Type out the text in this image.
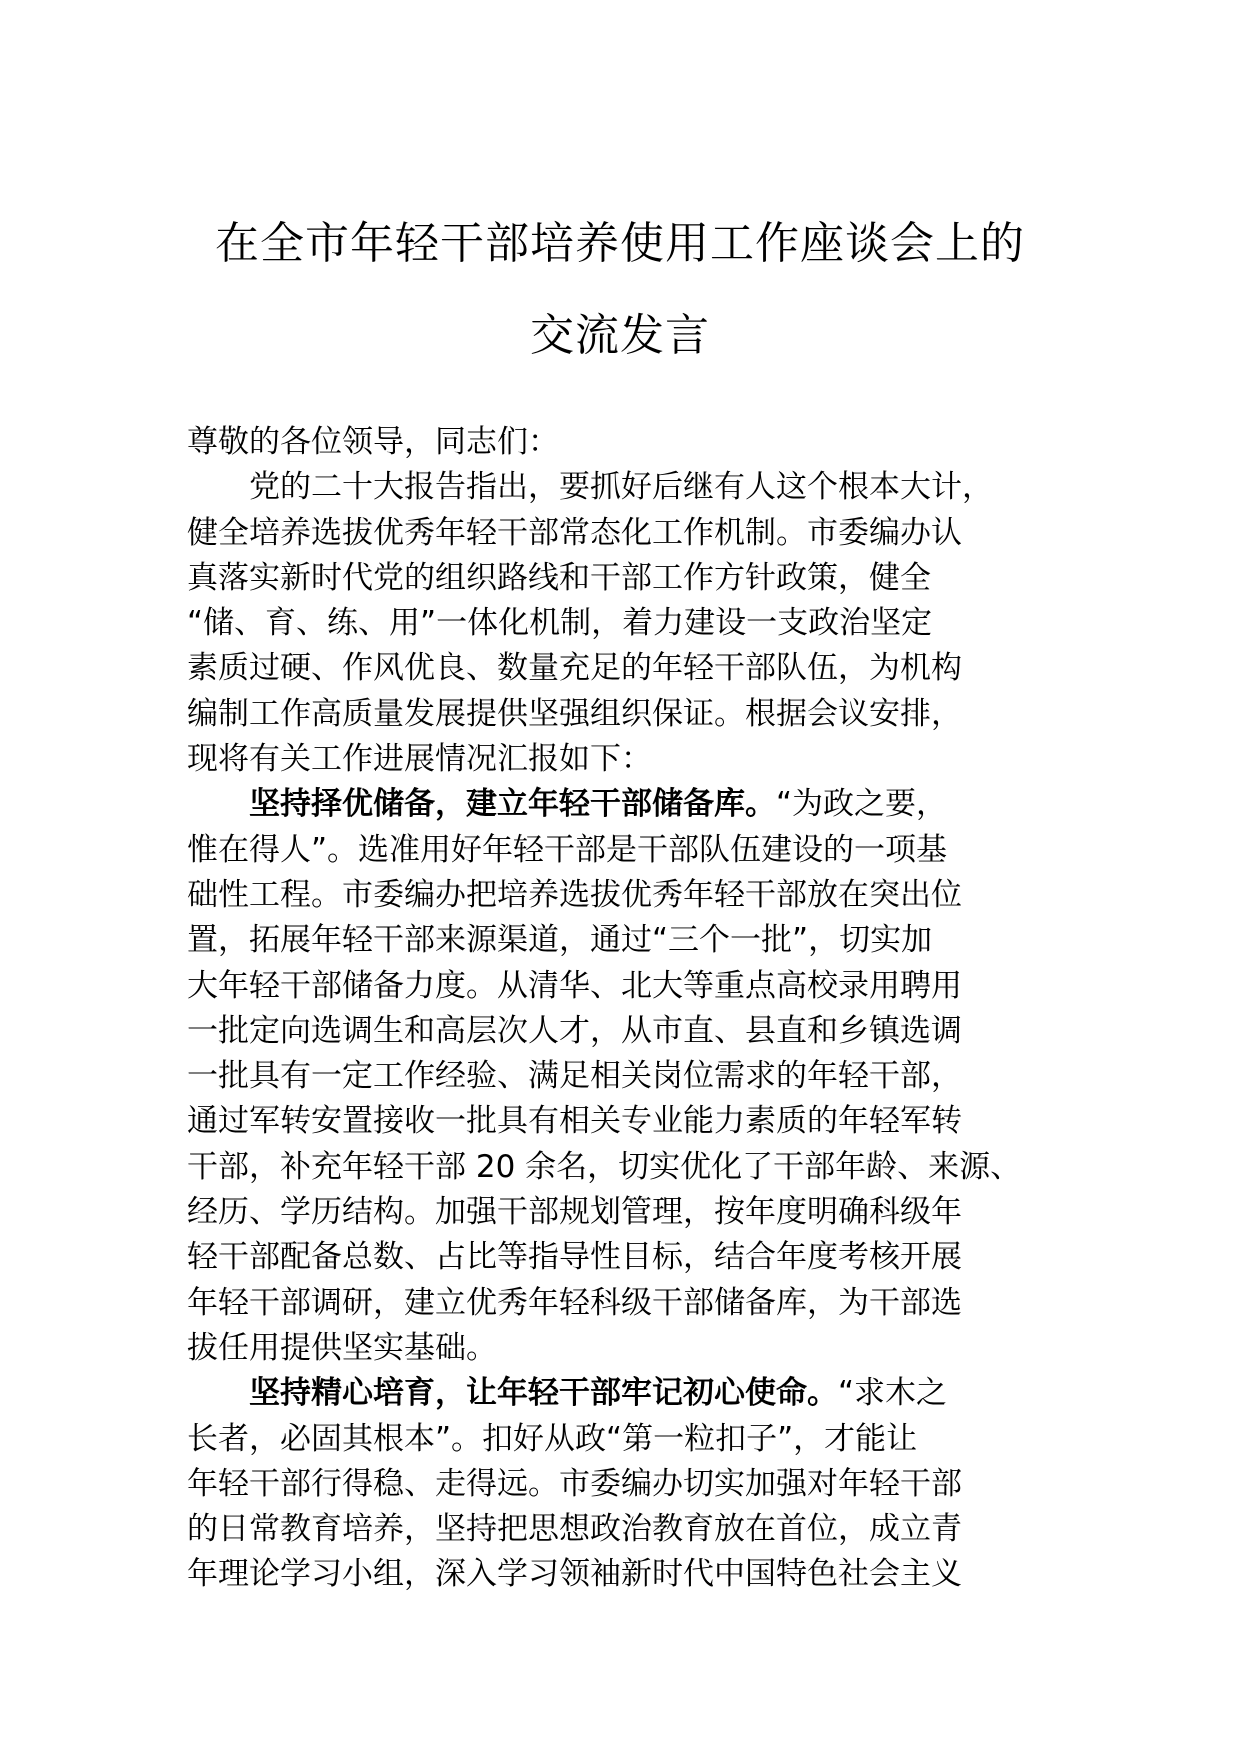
在全市年轻干部培养使用工作座谈会上的
交流发言
尊敬的各位领导，同志们：
党的二十大报告指出，要抓好后继有人这个根本大计，
健全培养选拔优秀年轻干部常态化工作机制。市委编办认
真落实新时代党的组织路线和干部工作方针政策，健全
“储、育、练、用”一体化机制，着力建设一支政治坚定
素质过硬、作风优良、数量充足的年轻干部队伍，为机构
编制工作高质量发展提供坚强组织保证。根据会议安排，
现将有关工作进展情况汇报如下：
坚持择优储备，建立年轻干部储备库。“为政之要，
惟在得人”。选准用好年轻干部是干部队伍建设的一项基
础性工程。市委编办把培养选拔优秀年轻干部放在突出位
置，拓展年轻干部来源渠道，通过“三个一批”，切实加
大年轻干部储备力度。从清华、北大等重点高校录用聘用
一批定向选调生和高层次人才，从市直、县直和乡镇选调
一批具有一定工作经验、满足相关岗位需求的年轻干部，
通过军转安置接收一批具有相关专业能力素质的年轻军转
干部，补充年轻干部 20 余名，切实优化了干部年龄、来源、
经历、学历结构。加强干部规划管理，按年度明确科级年
轻干部配备总数、占比等指导性目标，结合年度考核开展
年轻干部调研，建立优秀年轻科级干部储备库，为干部选
拔任用提供坚实基础。
坚持精心培育，让年轻干部牢记初心使命。“求木之
长者，必固其根本”。扣好从政“第一粒扣子”，才能让
年轻干部行得稳、走得远。市委编办切实加强对年轻干部
的日常教育培养，坚持把思想政治教育放在首位，成立青
年理论学习小组，深入学习领袖新时代中国特色社会主义
